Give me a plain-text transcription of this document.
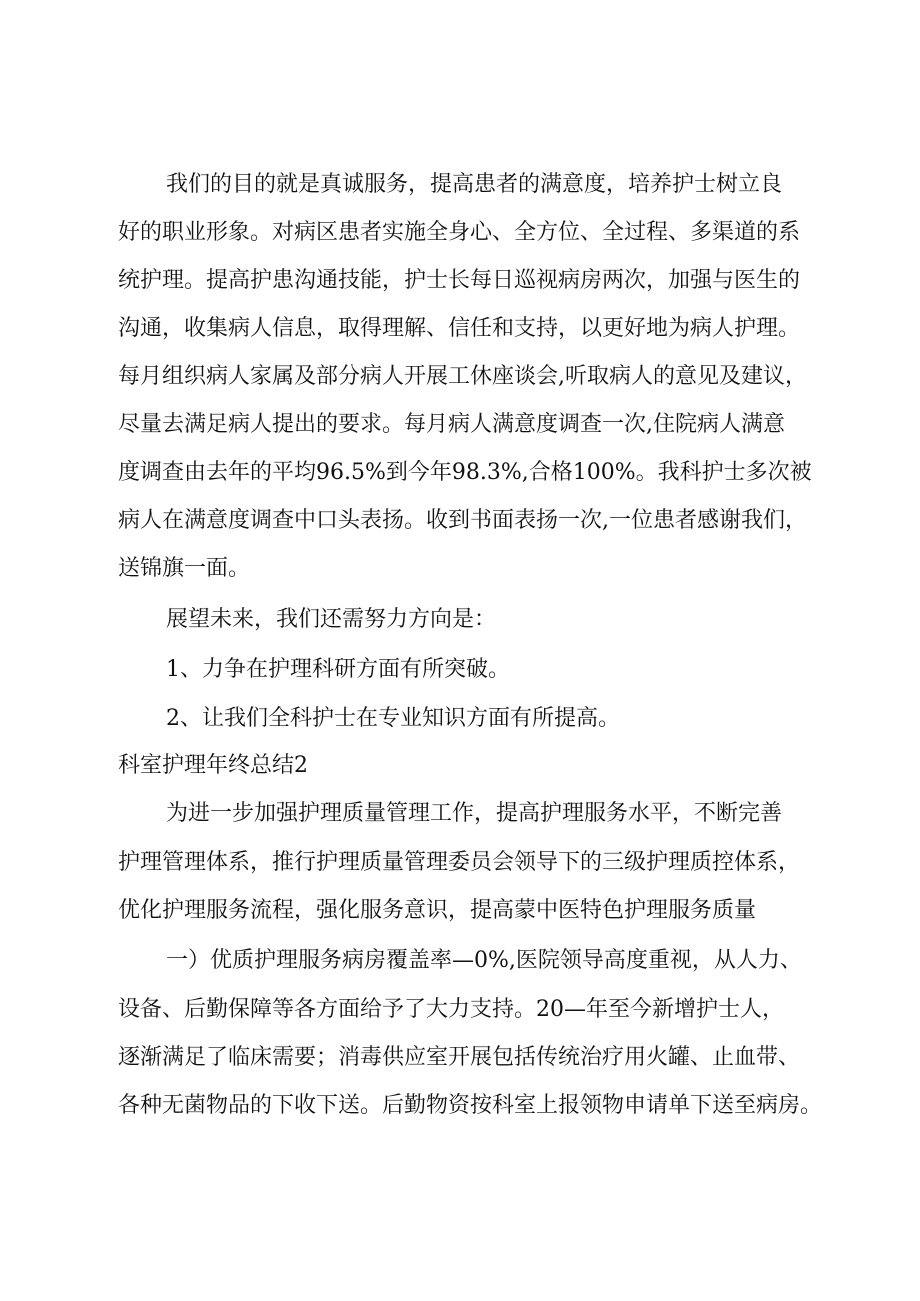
我们的目的就是真诚服务，提高患者的满意度，培养护士树立良
好的职业形象。对病区患者实施全身心、全方位、全过程、多渠道的系
统护理。提高护患沟通技能，护士长每日巡视病房两次，加强与医生的
沟通，收集病人信息，取得理解、信任和支持，以更好地为病人护理。
每月组织病人家属及部分病人开展工休座谈会,听取病人的意见及建议，
尽量去满足病人提出的要求。每月病人满意度调查一次,住院病人满意
度调查由去年的平均96.5%到今年98.3%,合格100%。我科护士多次被
病人在满意度调查中口头表扬。收到书面表扬一次,一位患者感谢我们，
送锦旗一面。
展望未来，我们还需努力方向是：
1、力争在护理科研方面有所突破。
2、让我们全科护士在专业知识方面有所提高。
科室护理年终总结2
为进一步加强护理质量管理工作，提高护理服务水平，不断完善
护理管理体系，推行护理质量管理委员会领导下的三级护理质控体系，
优化护理服务流程，强化服务意识，提高蒙中医特色护理服务质量
一）优质护理服务病房覆盖率—0%,医院领导高度重视，从人力、
设备、后勤保障等各方面给予了大力支持。20—年至今新增护士人，
逐渐满足了临床需要；消毒供应室开展包括传统治疗用火罐、止血带、
各种无菌物品的下收下送。后勤物资按科室上报领物申请单下送至病房。
